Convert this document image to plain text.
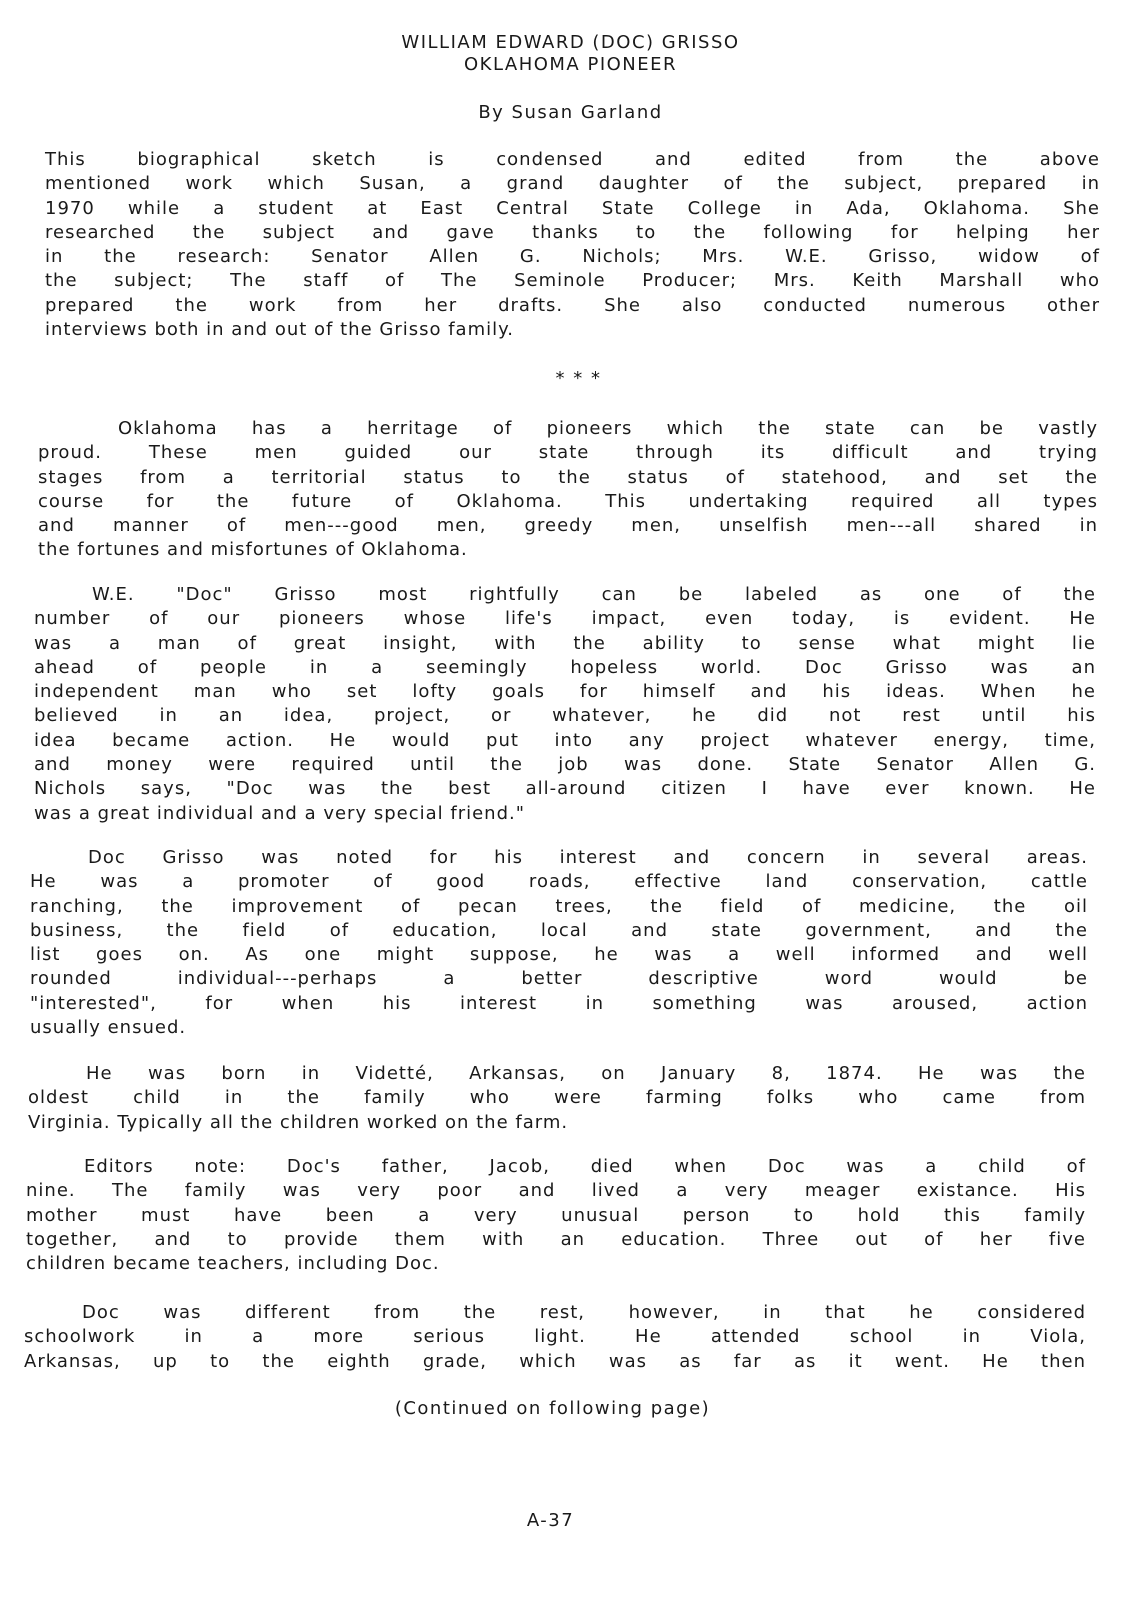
WILLIAM EDWARD (DOC) GRISSO
OKLAHOMA PIONEER
By Susan Garland
This biographical sketch is condensed and edited from the above
mentioned work which Susan, a grand daughter of the subject, prepared in
1970 while a student at East Central State College in Ada, Oklahoma. She
researched the subject and gave thanks to the following for helping her
in the research: Senator Allen G. Nichols; Mrs. W.E. Grisso, widow of
the subject; The staff of The Seminole Producer; Mrs. Keith Marshall who
prepared the work from her drafts. She also conducted numerous other
interviews both in and out of the Grisso family.
* * *
Oklahoma has a herritage of pioneers which the state can be vastly
proud. These men guided our state through its difficult and trying
stages from a territorial status to the status of statehood, and set the
course for the future of Oklahoma. This undertaking required all types
and manner of men---good men, greedy men, unselfish men---all shared in
the fortunes and misfortunes of Oklahoma.
W.E. "Doc" Grisso most rightfully can be labeled as one of the
number of our pioneers whose life's impact, even today, is evident. He
was a man of great insight, with the ability to sense what might lie
ahead of people in a seemingly hopeless world. Doc Grisso was an
independent man who set lofty goals for himself and his ideas. When he
believed in an idea, project, or whatever, he did not rest until his
idea became action. He would put into any project whatever energy, time,
and money were required until the job was done. State Senator Allen G.
Nichols says, "Doc was the best all-around citizen I have ever known. He
was a great individual and a very special friend."
Doc Grisso was noted for his interest and concern in several areas.
He was a promoter of good roads, effective land conservation, cattle
ranching, the improvement of pecan trees, the field of medicine, the oil
business, the field of education, local and state government, and the
list goes on. As one might suppose, he was a well informed and well
rounded individual---perhaps a better descriptive word would be
"interested", for when his interest in something was aroused, action
usually ensued.
He was born in Videtté, Arkansas, on January 8, 1874. He was the
oldest child in the family who were farming folks who came from
Virginia. Typically all the children worked on the farm.
Editors note: Doc's father, Jacob, died when Doc was a child of
nine. The family was very poor and lived a very meager existance. His
mother must have been a very unusual person to hold this family
together, and to provide them with an education. Three out of her five
children became teachers, including Doc.
Doc was different from the rest, however, in that he considered
schoolwork in a more serious light. He attended school in Viola,
Arkansas, up to the eighth grade, which was as far as it went. He then
(Continued on following page)
A-37
